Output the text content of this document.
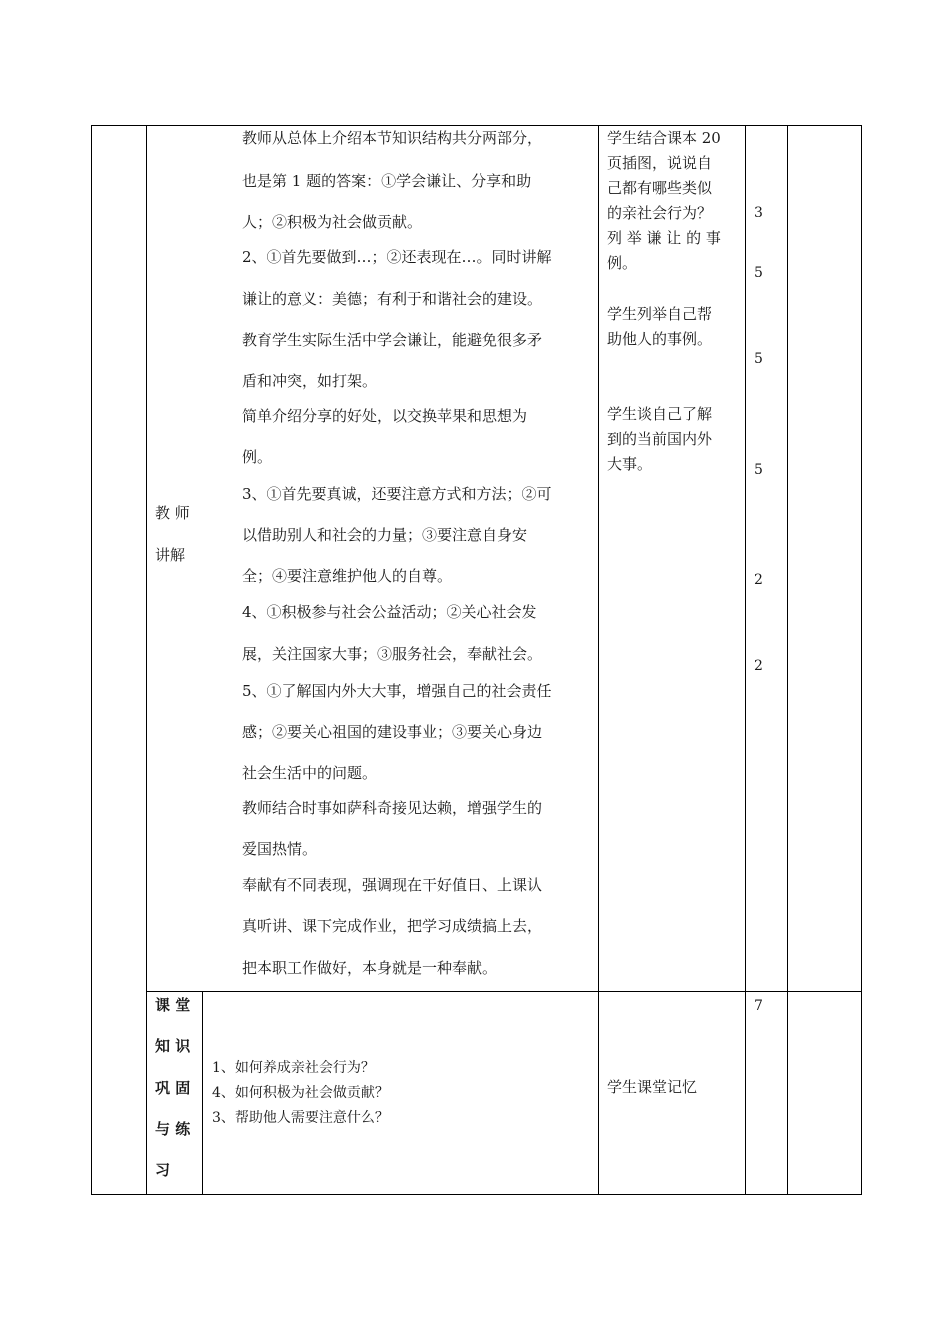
教 师
讲解
教师从总体上介绍本节知识结构共分两部分，
也是第 1 题的答案：①学会谦让、分享和助
人；②积极为社会做贡献。
2、①首先要做到…；②还表现在…。同时讲解
谦让的意义：美德；有利于和谐社会的建设。
教育学生实际生活中学会谦让，能避免很多矛
盾和冲突，如打架。
简单介绍分享的好处，以交换苹果和思想为
例。
3、①首先要真诚，还要注意方式和方法；②可
以借助别人和社会的力量；③要注意自身安
全；④要注意维护他人的自尊。
4、①积极参与社会公益活动；②关心社会发
展，关注国家大事；③服务社会，奉献社会。
5、①了解国内外大大事，增强自己的社会责任
感；②要关心祖国的建设事业；③要关心身边
社会生活中的问题。
教师结合时事如萨科奇接见达赖，增强学生的
爱国热情。
奉献有不同表现，强调现在干好值日、上课认
真听讲、课下完成作业，把学习成绩搞上去，
把本职工作做好，本身就是一种奉献。
学生结合课本 20
页插图，说说自
己都有哪些类似
的亲社会行为？
列 举 谦 让 的 事
例。
学生列举自己帮
助他人的事例。
学生谈自己了解
到的当前国内外
大事。
3
5
5
5
2
2
课 堂
知 识
巩 固
与 练
习
1、如何养成亲社会行为？
4、如何积极为社会做贡献？
3、帮助他人需要注意什么？
学生课堂记忆
7
